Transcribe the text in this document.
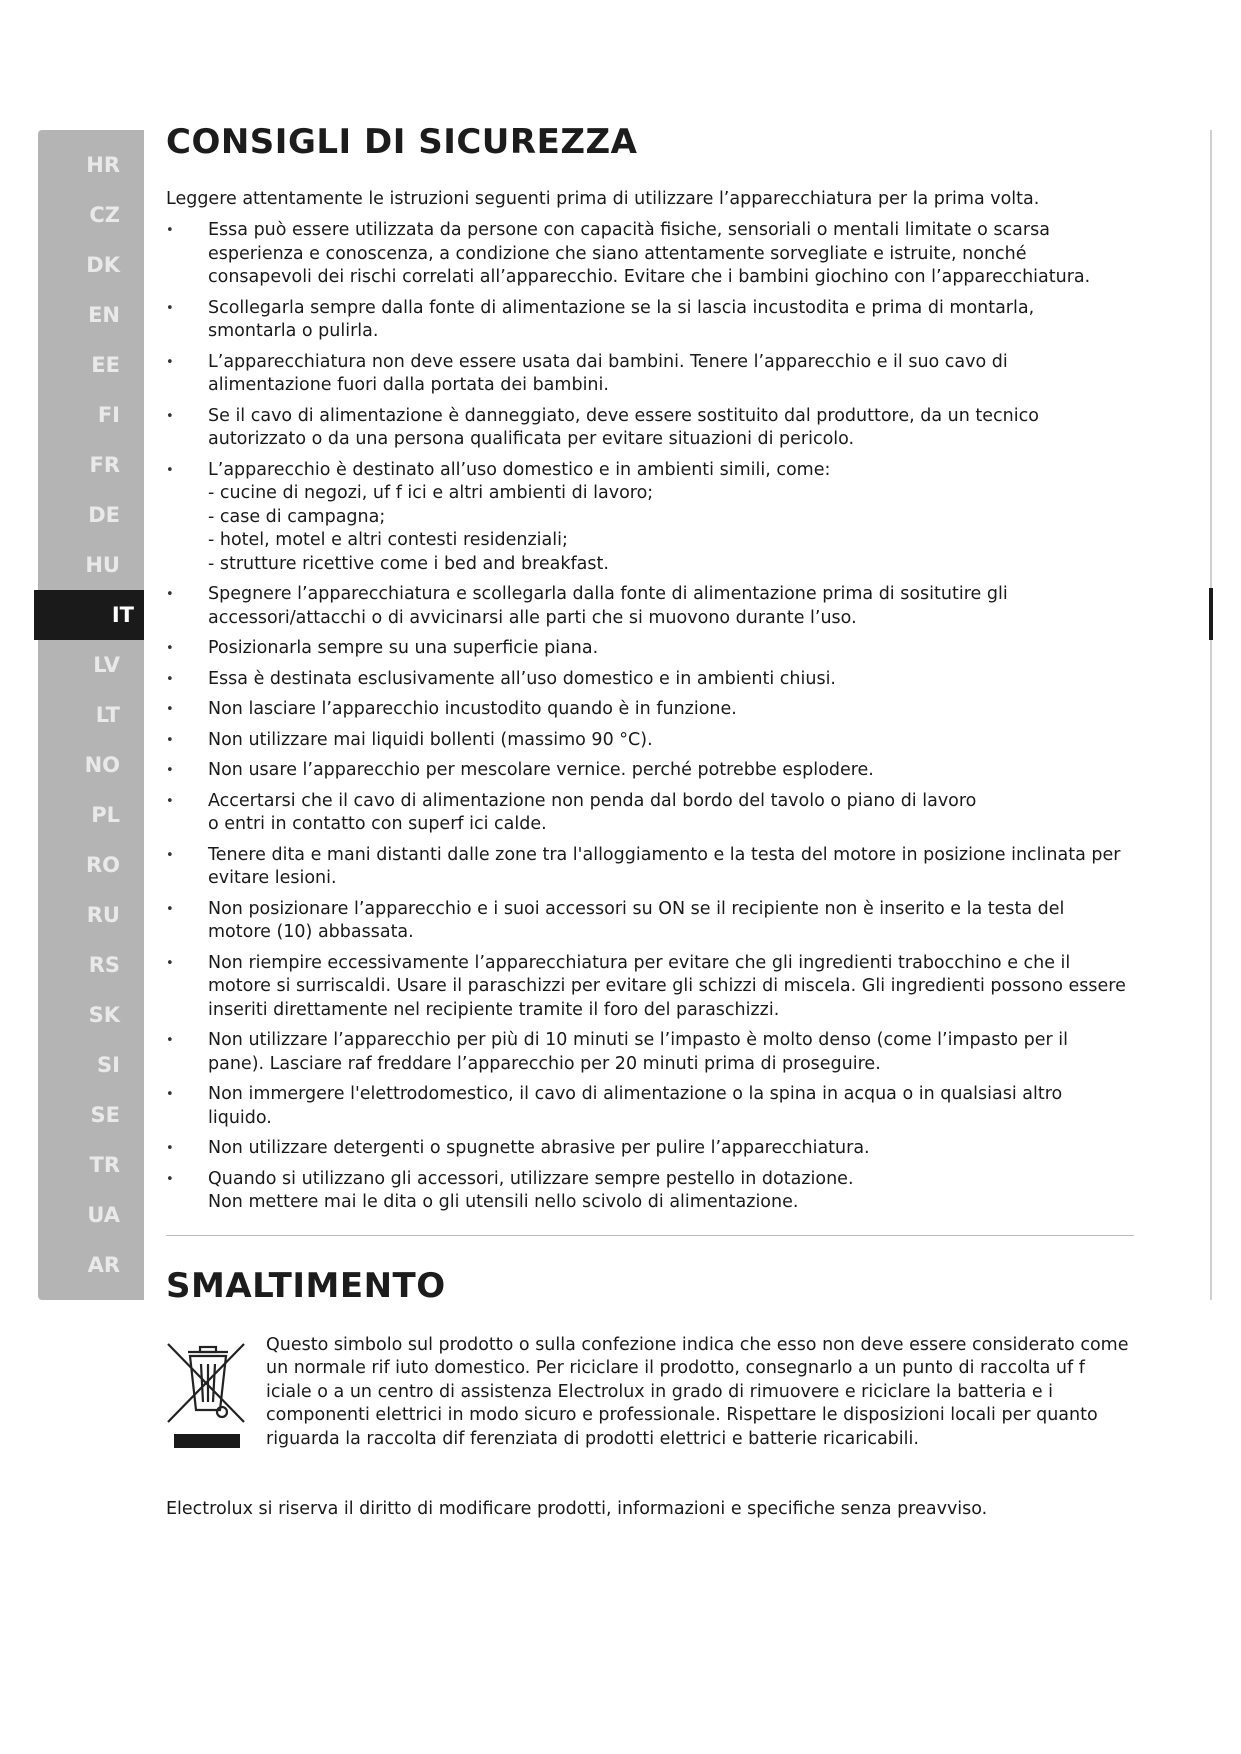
HR
CZ
DK
EN
EE
FI
FR
DE
HU
IT
LV
LT
NO
PL
RO
RU
RS
SK
SI
SE
TR
UA
AR
CONSIGLI DI SICUREZZA

Leggere attentamente le istruzioni seguenti prima di utilizzare l’apparecchiatura per la prima volta.

• Essa può essere utilizzata da persone con capacità fisiche, sensoriali o mentali limitate o scarsa esperienza e conoscenza, a condizione che siano attentamente sorvegliate e istruite, nonché consapevoli dei rischi correlati all’apparecchio. Evitare che i bambini giochino con l’apparecchiatura.
• Scollegarla sempre dalla fonte di alimentazione se la si lascia incustodita e prima di montarla, smontarla o pulirla.
• L’apparecchiatura non deve essere usata dai bambini. Tenere l’apparecchio e il suo cavo di alimentazione fuori dalla portata dei bambini.
• Se il cavo di alimentazione è danneggiato, deve essere sostituito dal produttore, da un tecnico autorizzato o da una persona qualificata per evitare situazioni di pericolo.
• L’apparecchio è destinato all’uso domestico e in ambienti simili, come:
- cucine di negozi, uf f ici e altri ambienti di lavoro;
- case di campagna;
- hotel, motel e altri contesti residenziali;
- strutture ricettive come i bed and breakfast.
• Spegnere l’apparecchiatura e scollegarla dalla fonte di alimentazione prima di sositutire gli accessori/attacchi o di avvicinarsi alle parti che si muovono durante l’uso.
• Posizionarla sempre su una superficie piana.
• Essa è destinata esclusivamente all’uso domestico e in ambienti chiusi.
• Non lasciare l’apparecchio incustodito quando è in funzione.
• Non utilizzare mai liquidi bollenti (massimo 90 °C).
• Non usare l’apparecchio per mescolare vernice. perché potrebbe esplodere.
• Accertarsi che il cavo di alimentazione non penda dal bordo del tavolo o piano di lavoro
o entri in contatto con superf ici calde.
• Tenere dita e mani distanti dalle zone tra l'alloggiamento e la testa del motore in posizione inclinata per evitare lesioni.
• Non posizionare l’apparecchio e i suoi accessori su ON se il recipiente non è inserito e la testa del motore (10) abbassata.
• Non riempire eccessivamente l’apparecchiatura per evitare che gli ingredienti trabocchino e che il motore si surriscaldi. Usare il paraschizzi per evitare gli schizzi di miscela. Gli ingredienti possono essere inseriti direttamente nel recipiente tramite il foro del paraschizzi.
• Non utilizzare l’apparecchio per più di 10 minuti se l’impasto è molto denso (come l’impasto per il pane). Lasciare raf freddare l’apparecchio per 20 minuti prima di proseguire.
• Non immergere l'elettrodomestico, il cavo di alimentazione o la spina in acqua o in qualsiasi altro liquido.
• Non utilizzare detergenti o spugnette abrasive per pulire l’apparecchiatura.
• Quando si utilizzano gli accessori, utilizzare sempre pestello in dotazione.
Non mettere mai le dita o gli utensili nello scivolo di alimentazione.
SMALTIMENTO
Questo simbolo sul prodotto o sulla confezione indica che esso non deve essere considerato come un normale rif iuto domestico. Per riciclare il prodotto, consegnarlo a un punto di raccolta uf f iciale o a un centro di assistenza Electrolux in grado di rimuovere e riciclare la batteria e i componenti elettrici in modo sicuro e professionale. Rispettare le disposizioni locali per quanto riguarda la raccolta dif ferenziata di prodotti elettrici e batterie ricaricabili.

Electrolux si riserva il diritto di modificare prodotti, informazioni e specifiche senza preavviso.
